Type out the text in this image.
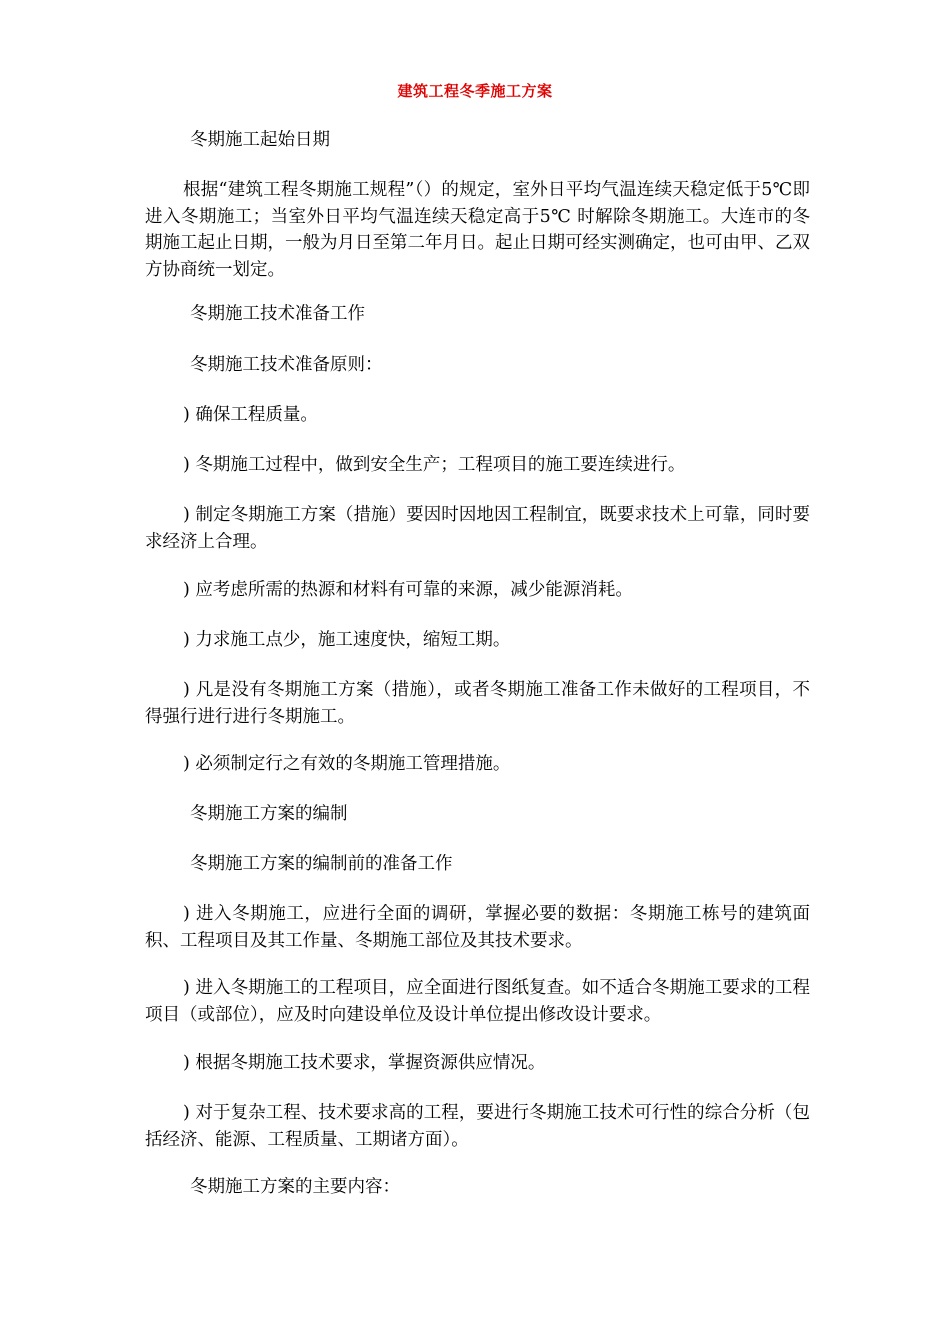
建筑工程冬季施工方案

冬期施工起始日期

根据“建筑工程冬期施工规程”（）的规定，室外日平均气温连续天稳定低于5℃即进入冬期施工；当室外日平均气温连续天稳定高于5℃ 时解除冬期施工。大连市的冬期施工起止日期，一般为月日至第二年月日。起止日期可经实测确定，也可由甲、乙双方协商统一划定。

冬期施工技术准备工作

冬期施工技术准备原则：

) 确保工程质量。

) 冬期施工过程中，做到安全生产；工程项目的施工要连续进行。

) 制定冬期施工方案（措施）要因时因地因工程制宜，既要求技术上可靠，同时要求经济上合理。

) 应考虑所需的热源和材料有可靠的来源，减少能源消耗。

) 力求施工点少，施工速度快，缩短工期。

) 凡是没有冬期施工方案（措施），或者冬期施工准备工作未做好的工程项目，不得强行进行进行冬期施工。

) 必须制定行之有效的冬期施工管理措施。

冬期施工方案的编制

冬期施工方案的编制前的准备工作

) 进入冬期施工，应进行全面的调研，掌握必要的数据：冬期施工栋号的建筑面积、工程项目及其工作量、冬期施工部位及其技术要求。

) 进入冬期施工的工程项目，应全面进行图纸复查。如不适合冬期施工要求的工程项目（或部位），应及时向建设单位及设计单位提出修改设计要求。

) 根据冬期施工技术要求，掌握资源供应情况。

) 对于复杂工程、技术要求高的工程，要进行冬期施工技术可行性的综合分析（包括经济、能源、工程质量、工期诸方面）。

冬期施工方案的主要内容：
